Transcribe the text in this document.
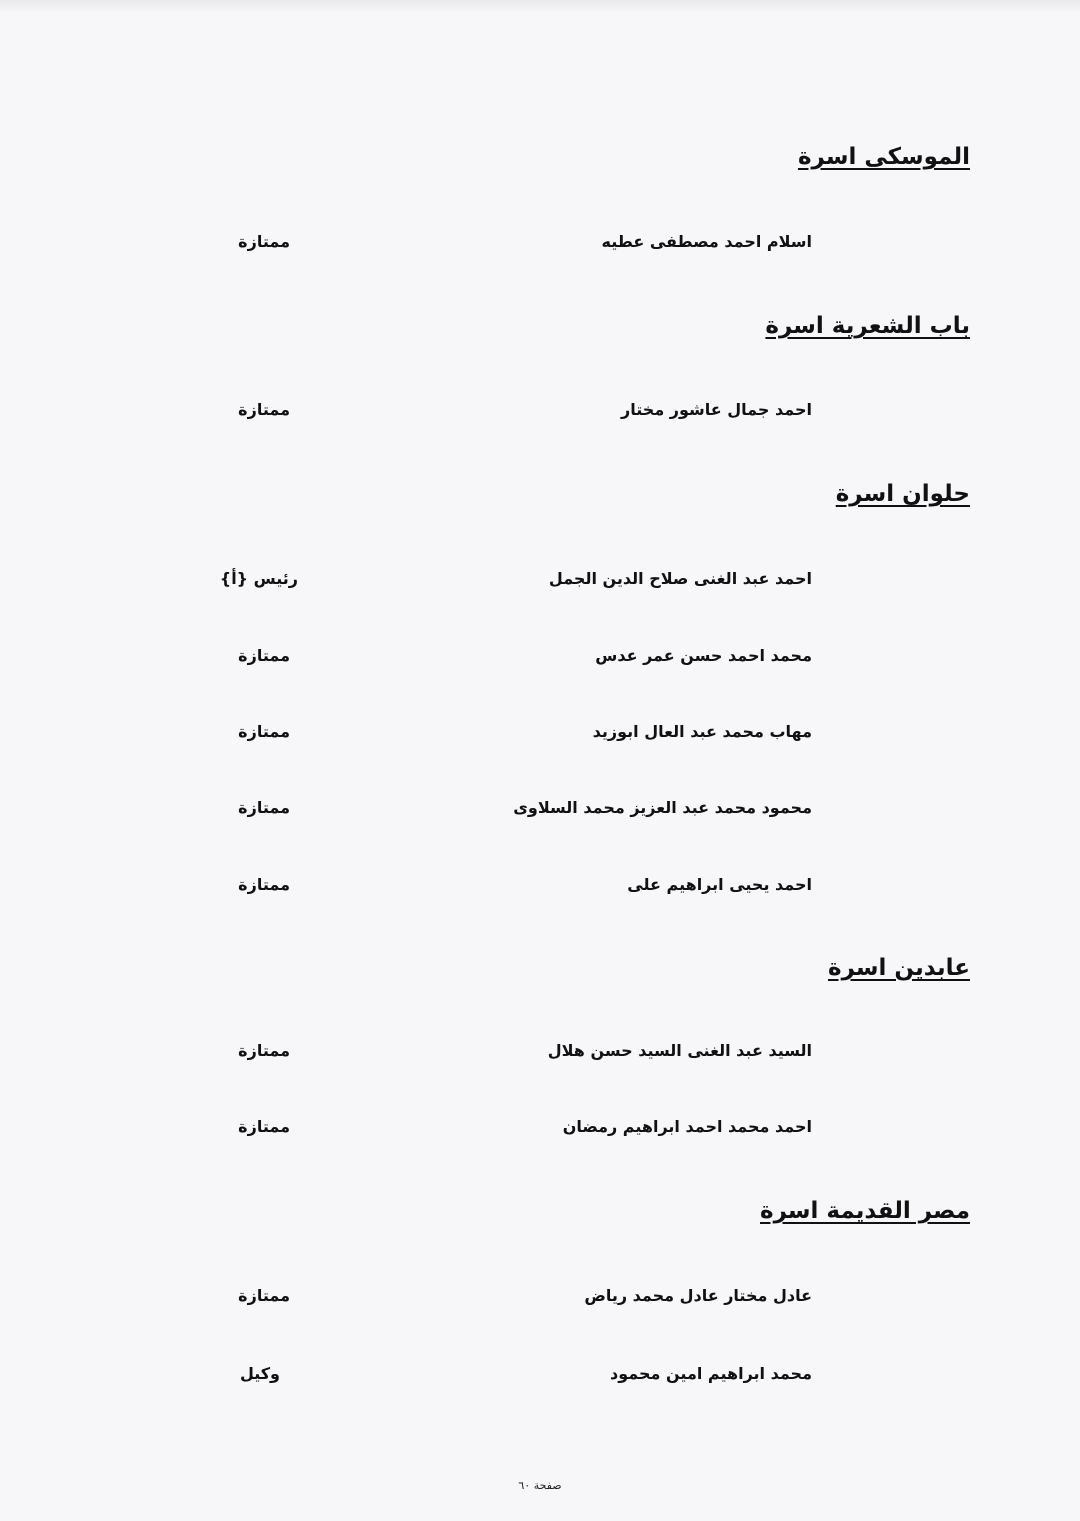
الموسكى اسرة
اسلام احمد مصطفى عطيه
ممتازة
باب الشعرية اسرة
احمد جمال عاشور مختار
ممتازة
حلوان اسرة
احمد عبد الغنى صلاح الدين الجمل
رئيس {أ}
محمد احمد حسن عمر عدس
ممتازة
مهاب محمد عبد العال ابوزيد
ممتازة
محمود محمد عبد العزيز محمد السلاوى
ممتازة
احمد يحيى ابراهيم على
ممتازة
عابدين اسرة
السيد عبد الغنى السيد حسن هلال
ممتازة
احمد محمد احمد ابراهيم رمضان
ممتازة
مصر القديمة اسرة
عادل مختار عادل محمد رياض
ممتازة
محمد ابراهيم امين محمود
وكيل
صفحة ٦٠
